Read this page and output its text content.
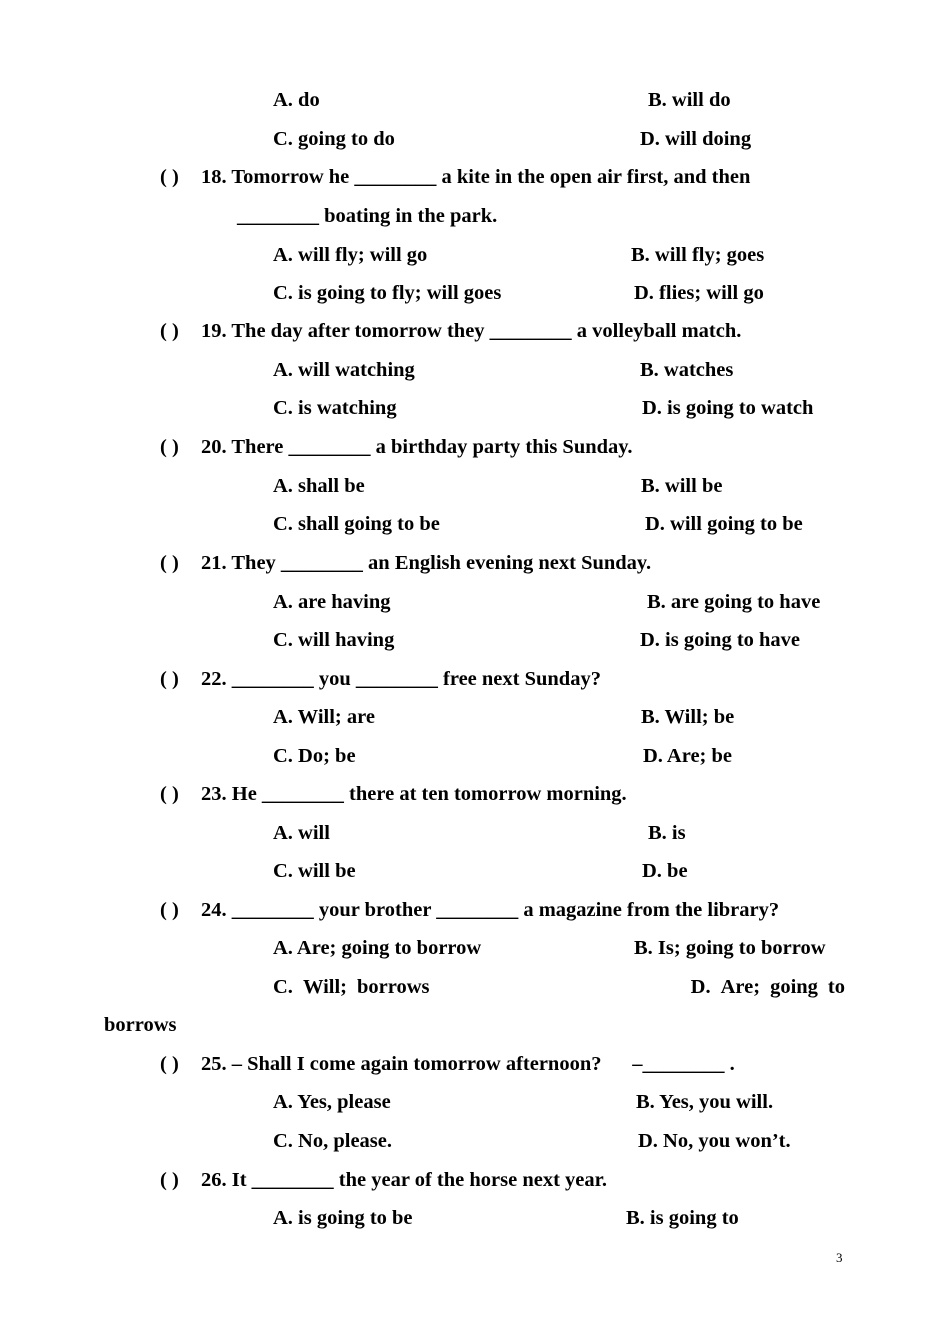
A. do	B. will do
C. going to do	D. will doing
( ) 18. Tomorrow he ________ a kite in the open air first, and then
________ boating in the park.
A. will fly; will go	B. will fly; goes
C. is going to fly; will goes	D. flies; will go
( ) 19. The day after tomorrow they ________ a volleyball match.
A. will watching	B. watches
C. is watching	D. is going to watch
( ) 20. There ________ a birthday party this Sunday.
A. shall be	B. will be
C. shall going to be	D. will going to be
( ) 21. They ________ an English evening next Sunday.
A. are having	B. are going to have
C. will having	D. is going to have
( ) 22. ________ you ________ free next Sunday?
A. Will; are	B. Will; be
C. Do; be	D. Are; be
( ) 23. He ________ there at ten tomorrow morning.
A. will	B. is
C. will be	D. be
( ) 24. ________ your brother ________ a magazine from the library?
A. Are; going to borrow	B. Is; going to borrow
C. Will; borrows	D. Are; going to
borrows
( ) 25. – Shall I come again tomorrow afternoon?      –________ .
A. Yes, please	B. Yes, you will.
C. No, please.	D. No, you won’t.
( ) 26. It ________ the year of the horse next year.
A. is going to be	B. is going to
3
